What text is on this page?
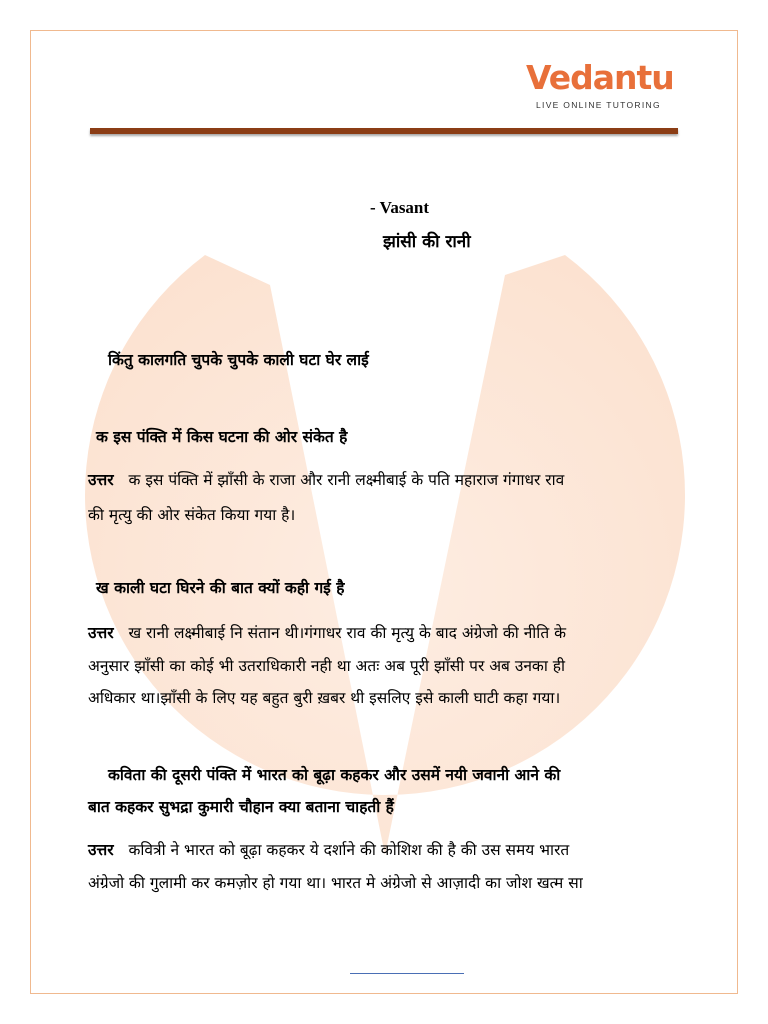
Vedantu
LIVE ONLINE TUTORING
- Vasant
झांसी की रानी
किंतु कालगति चुपके चुपके काली घटा घेर लाई
क इस पंक्ति में किस घटना की ओर संकेत है
उत्तर क इस पंक्ति में झाँसी के राजा और रानी लक्ष्मीबाई के पति महाराज गंगाधर राव
की मृत्यु की ओर संकेत किया गया है।
ख काली घटा घिरने की बात क्यों कही गई है
उत्तर ख रानी लक्ष्मीबाई नि संतान थी।गंगाधर राव की मृत्यु के बाद अंग्रेजो की नीति के
अनुसार झाँसी का कोई भी उतराधिकारी नही था अतः अब पूरी झाँसी पर अब उनका ही
अधिकार था।झाँसी के लिए यह बहुत बुरी ख़बर थी इसलिए इसे काली घाटी कहा गया।
कविता की दूसरी पंक्ति में भारत को बूढ़ा कहकर और उसमें नयी जवानी आने की
बात कहकर सुभद्रा कुमारी चौहान क्या बताना चाहती हैं
उत्तर कवित्री ने भारत को बूढ़ा कहकर ये दर्शाने की कोशिश की है की उस समय भारत
अंग्रेजो की गुलामी कर कमज़ोर हो गया था। भारत मे अंग्रेजो से आज़ादी का जोश खत्म सा
